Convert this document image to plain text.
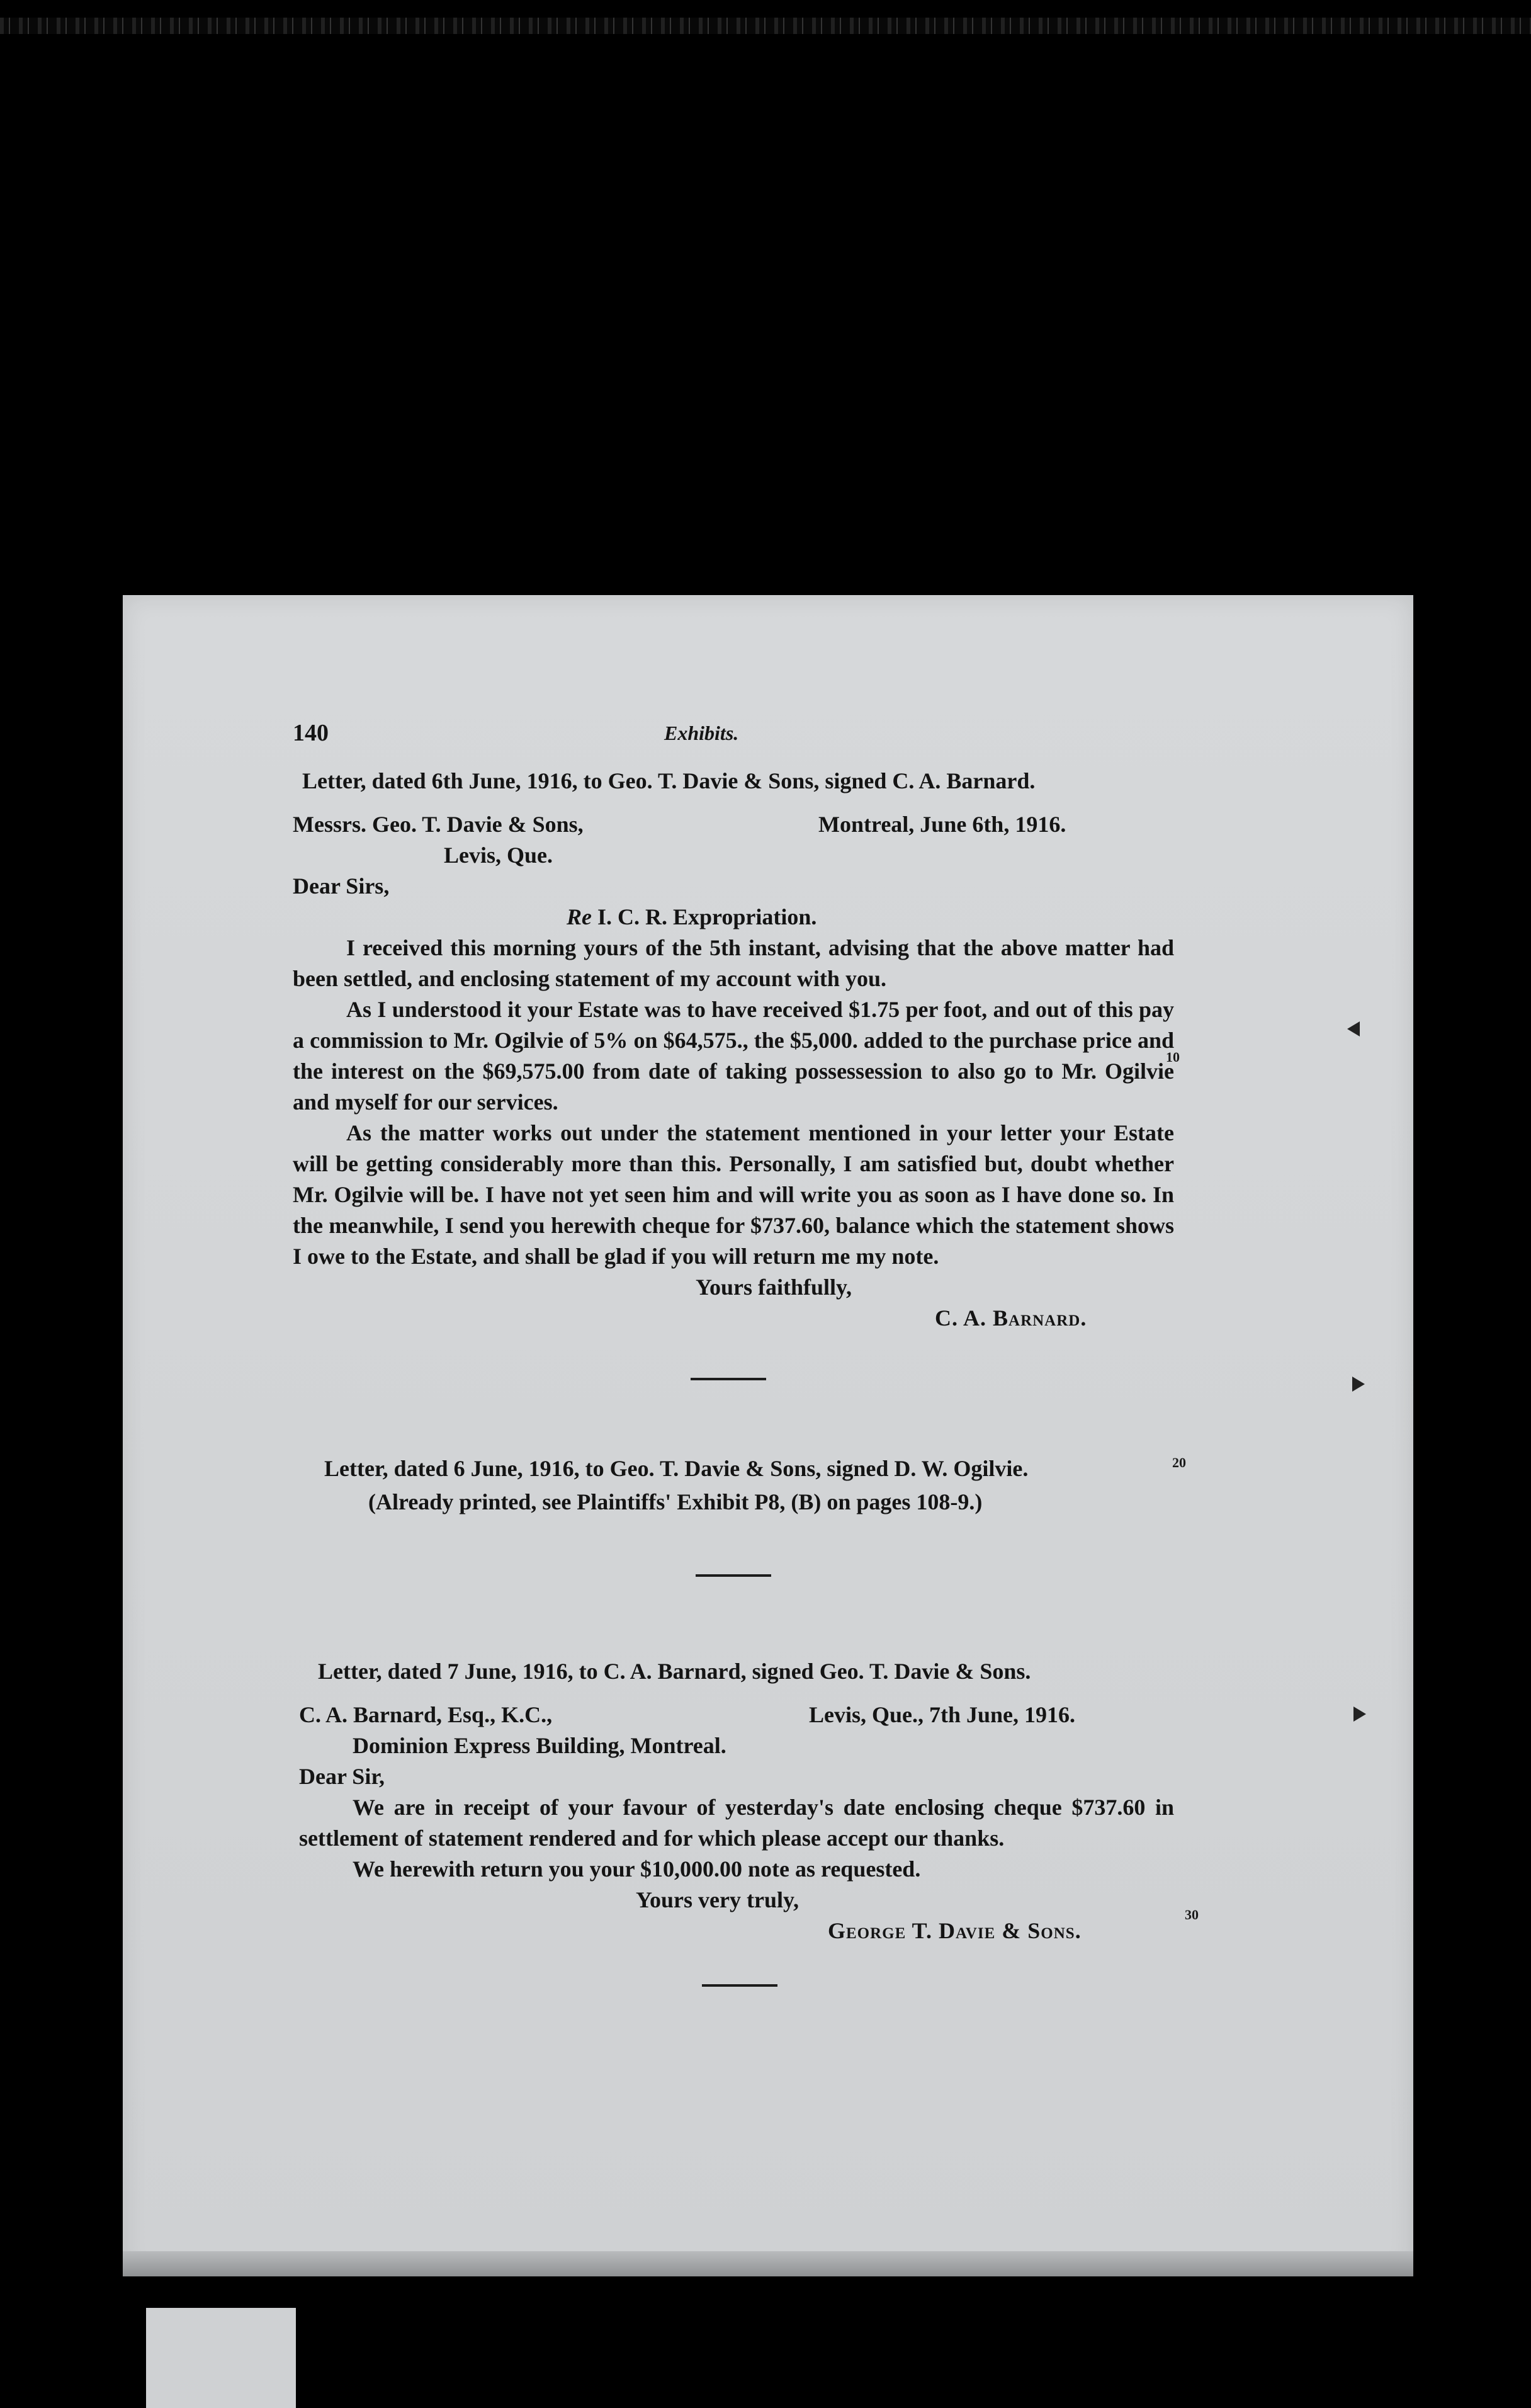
10
20
30
140	Exhibits.

Letter, dated 6th June, 1916, to Geo. T. Davie & Sons, signed C. A. Barnard.

Messrs. Geo. T. Davie & Sons,	Montreal, June 6th, 1916.

Levis, Que.

Dear Sirs,

Re I. C. R. Expropriation.

I received this morning yours of the 5th instant, advising that the above matter had been settled, and enclosing statement of my account with you.

As I understood it your Estate was to have received $1.75 per foot, and out of this pay a commission to Mr. Ogilvie of 5% on $64,575., the $5,000. added to the purchase price and the interest on the $69,575.00 from date of taking possessession to also go to Mr. Ogilvie and myself for our services.

As the matter works out under the statement mentioned in your letter your Estate will be getting considerably more than this. Personally, I am satisfied but, doubt whether Mr. Ogilvie will be. I have not yet seen him and will write you as soon as I have done so. In the meanwhile, I send you herewith cheque for $737.60, balance which the statement shows I owe to the Estate, and shall be glad if you will return me my note.

Yours faithfully,

C. A. Barnard.

Letter, dated 6 June, 1916, to Geo. T. Davie & Sons, signed D. W. Ogilvie.

(Already printed, see Plaintiffs' Exhibit P8, (B) on pages 108-9.)

Letter, dated 7 June, 1916, to C. A. Barnard, signed Geo. T. Davie & Sons.

C. A. Barnard, Esq., K.C.,	Levis, Que., 7th June, 1916.

Dominion Express Building, Montreal.

Dear Sir,

We are in receipt of your favour of yesterday's date enclosing cheque $737.60 in settlement of statement rendered and for which please accept our thanks.

We herewith return you your $10,000.00 note as requested.

Yours very truly,

George T. Davie & Sons.
